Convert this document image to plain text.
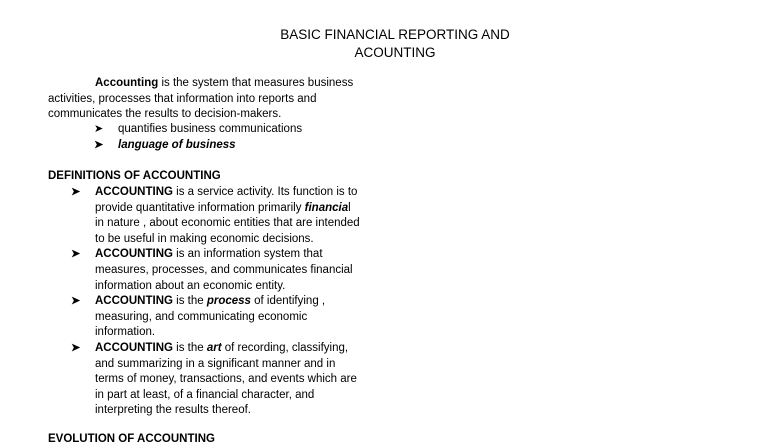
BASIC FINANCIAL REPORTING AND
ACOUNTING
Accounting is the system that measures business
activities, processes that information into reports and
communicates the results to decision-makers.
➤ quantifies business communications
➤ language of business
DEFINITIONS OF ACCOUNTING
➤ ACCOUNTING is a service activity. Its function is to
provide quantitative information primarily financial
in nature , about economic entities that are intended
to be useful in making economic decisions.
➤ ACCOUNTING is an information system that
measures, processes, and communicates financial
information about an economic entity.
➤ ACCOUNTING is the process of identifying ,
measuring, and communicating economic
information.
➤ ACCOUNTING is the art of recording, classifying,
and summarizing in a significant manner and in
terms of money, transactions, and events which are
in part at least, of a financial character, and
interpreting the results thereof.
EVOLUTION OF ACCOUNTING
